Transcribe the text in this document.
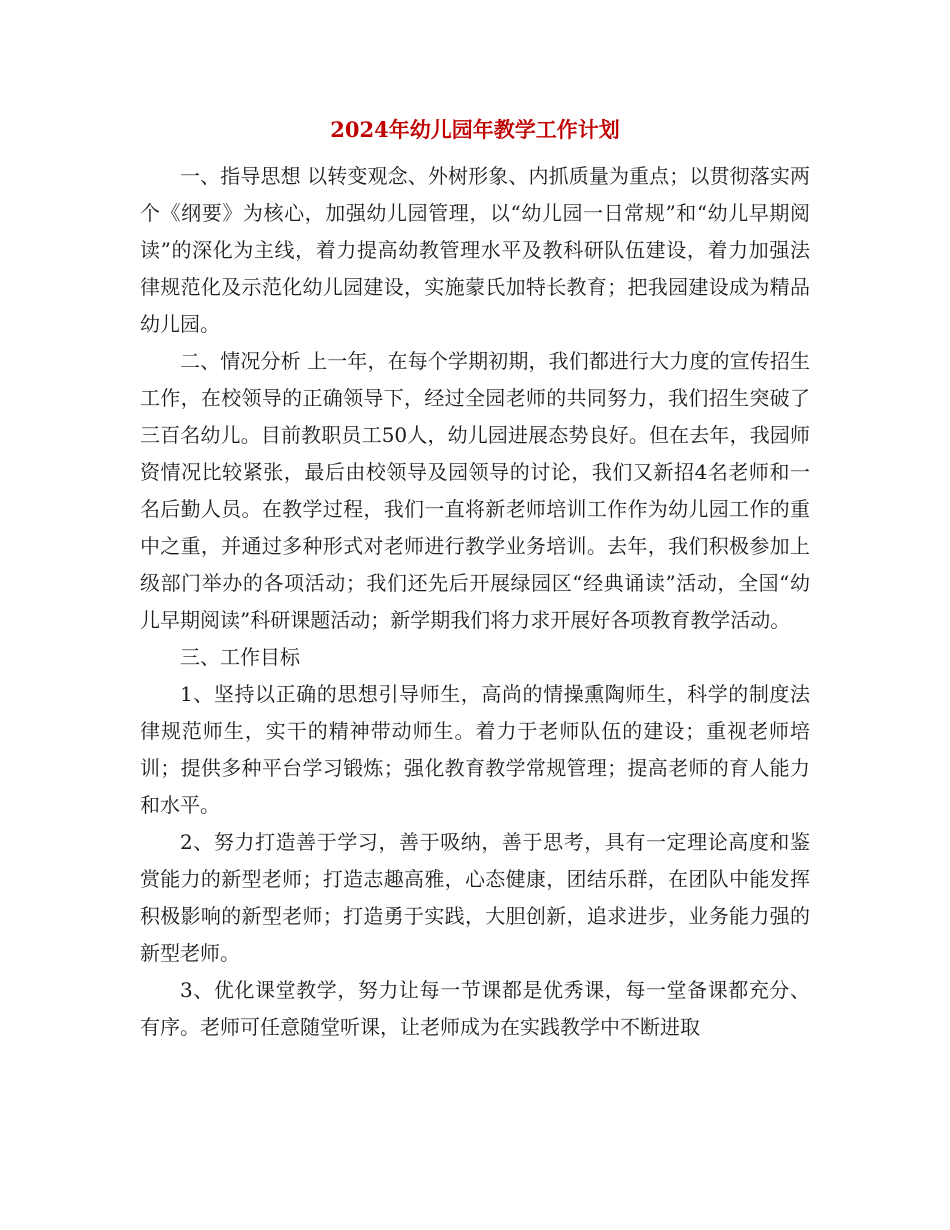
2024年幼儿园年教学工作计划

一、指导思想 以转变观念、外树形象、内抓质量为重点；以贯彻落实两个《纲要》为核心，加强幼儿园管理，以“幼儿园一日常规”和“幼儿早期阅读”的深化为主线，着力提高幼教管理水平及教科研队伍建设，着力加强法律规范化及示范化幼儿园建设，实施蒙氏加特长教育；把我园建设成为精品幼儿园。

二、情况分析 上一年，在每个学期初期，我们都进行大力度的宣传招生工作，在校领导的正确领导下，经过全园老师的共同努力，我们招生突破了三百名幼儿。目前教职员工50人，幼儿园进展态势良好。但在去年，我园师资情况比较紧张，最后由校领导及园领导的讨论，我们又新招4名老师和一名后勤人员。在教学过程，我们一直将新老师培训工作作为幼儿园工作的重中之重，并通过多种形式对老师进行教学业务培训。去年，我们积极参加上级部门举办的各项活动；我们还先后开展绿园区“经典诵读”活动，全国“幼儿早期阅读”科研课题活动；新学期我们将力求开展好各项教育教学活动。

三、工作目标

1、坚持以正确的思想引导师生，高尚的情操熏陶师生，科学的制度法律规范师生，实干的精神带动师生。着力于老师队伍的建设；重视老师培训；提供多种平台学习锻炼；强化教育教学常规管理；提高老师的育人能力和水平。

2、努力打造善于学习，善于吸纳，善于思考，具有一定理论高度和鉴赏能力的新型老师；打造志趣高雅，心态健康，团结乐群，在团队中能发挥积极影响的新型老师；打造勇于实践，大胆创新，追求进步，业务能力强的新型老师。

3、优化课堂教学，努力让每一节课都是优秀课，每一堂备课都充分、有序。老师可任意随堂听课，让老师成为在实践教学中不断进取
